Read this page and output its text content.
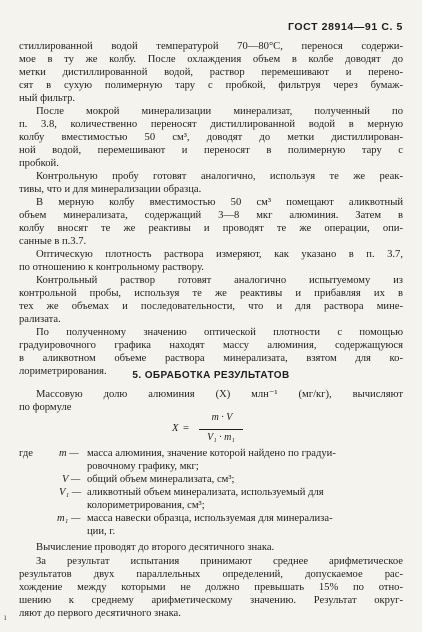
ГОСТ 28914—91 С. 5
стиллированной водой температурой 70—80°С, перенося содержи-
мое в ту же колбу. После охлаждения объем в колбе доводят до
метки дистиллированной водой, раствор перемешивают и перено-
сят в сухую полимерную тару с пробкой, фильтруя через бумаж-
ный фильтр.
После мокрой минерализации минерализат, полученный по
п. 3.8, количественно переносят дистиллированной водой в мерную
колбу вместимостью 50 см³, доводят до метки дистиллирован-
ной водой, перемешивают и переносят в полимерную тару с
пробкой.
Контрольную пробу готовят аналогично, используя те же реак-
тивы, что и для минерализации образца.
В мерную колбу вместимостью 50 см³ помещают аликвотный
объем минерализата, содержащий 3—8 мкг алюминия. Затем в
колбу вносят те же реактивы и проводят те же операции, опи-
санные в п.3.7.
Оптическую плотность раствора измеряют, как указано в п. 3.7,
по отношению к контрольному раствору.
Контрольный раствор готовят аналогично испытуемому из
контрольной пробы, используя те же реактивы и прибавляя их в
тех же объемах и последовательности, что и для раствора мине-
рализата.
По полученному значению оптической плотности с помощью
градуировочного графика находят массу алюминия, содержащуюся
в аликвотном объеме раствора минерализата, взятом для ко-
лориметрирования.	5. ОБРАБОТКА РЕЗУЛЬТАТОВ
Массовую долю алюминия (X) млн⁻¹ (мг/кг), вычисляют
по формуле
X =
m · V
V₁ · m₁
где m — масса алюминия, значение которой найдено по градуи-
ровочному графику, мкг;
V — общий объем минерализата, см³;
V₁ — аликвотный объем минерализата, используемый для
колориметрирования, см³;
m₁ — масса навески образца, используемая для минерализа-
ции, г.
Вычисление проводят до второго десятичного знака.
За результат испытания принимают среднее арифметическое
результатов двух параллельных определений, допускаемое рас-
хождение между которыми не должно превышать 15% по отно-
шению к среднему арифметическому значению. Результат округ-
ляют до первого десятичного знака.
ı
